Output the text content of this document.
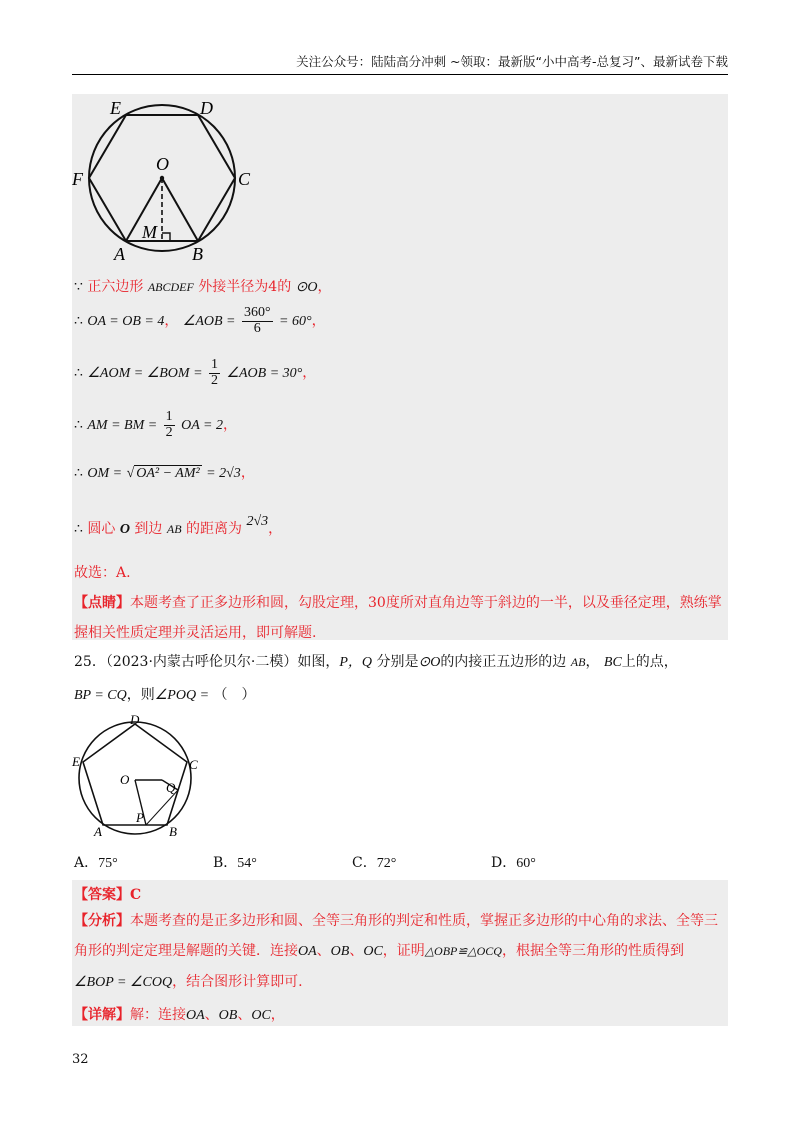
关注公众号：陆陆高分冲刺 ~领取：最新版“小中高考-总复习”、最新试卷下载
E	D
F
O
C
M
A	B
∵ 正六边形 ABCDEF 外接半径为4的 ⊙O，
∴ OA = OB = 4， ∠AOB = $\frac{360^\circ}{6} = 60^\circ$，
∴ ∠AOM = ∠BOM = $\frac{1}{2}$ ∠AOB = 30°，
∴ AM = BM = $\frac{1}{2}$ OA = 2，
∴ OM = √ OA² − AM² = 2√3，
∴ 圆心 O 到边 AB 的距离为 2√3，
故选：A.
【点睛】本题考查了正多边形和圆，勾股定理，30度所对直角边等于斜边的一半，以及垂径定理，熟练掌
握相关性质定理并灵活运用，即可解题.
25．（2023·内蒙古呼伦贝尔·二模）如图，P，Q 分别是⊙O的内接正五边形的边 AB， BC上的点，
BP = CQ，则∠POQ = （　）
D
E	C
O
Q
P
A	B
A．75°	B．54°	C．72°	D．60°
【答案】C
【分析】本题考查的是正多边形和圆、全等三角形的判定和性质，掌握正多边形的中心角的求法、全等三
角形的判定定理是解题的关键．连接OA、OB、OC，证明△OBP≌△OCQ，根据全等三角形的性质得到
∠BOP = ∠COQ，结合图形计算即可.
【详解】解：连接OA、OB、OC，
32
